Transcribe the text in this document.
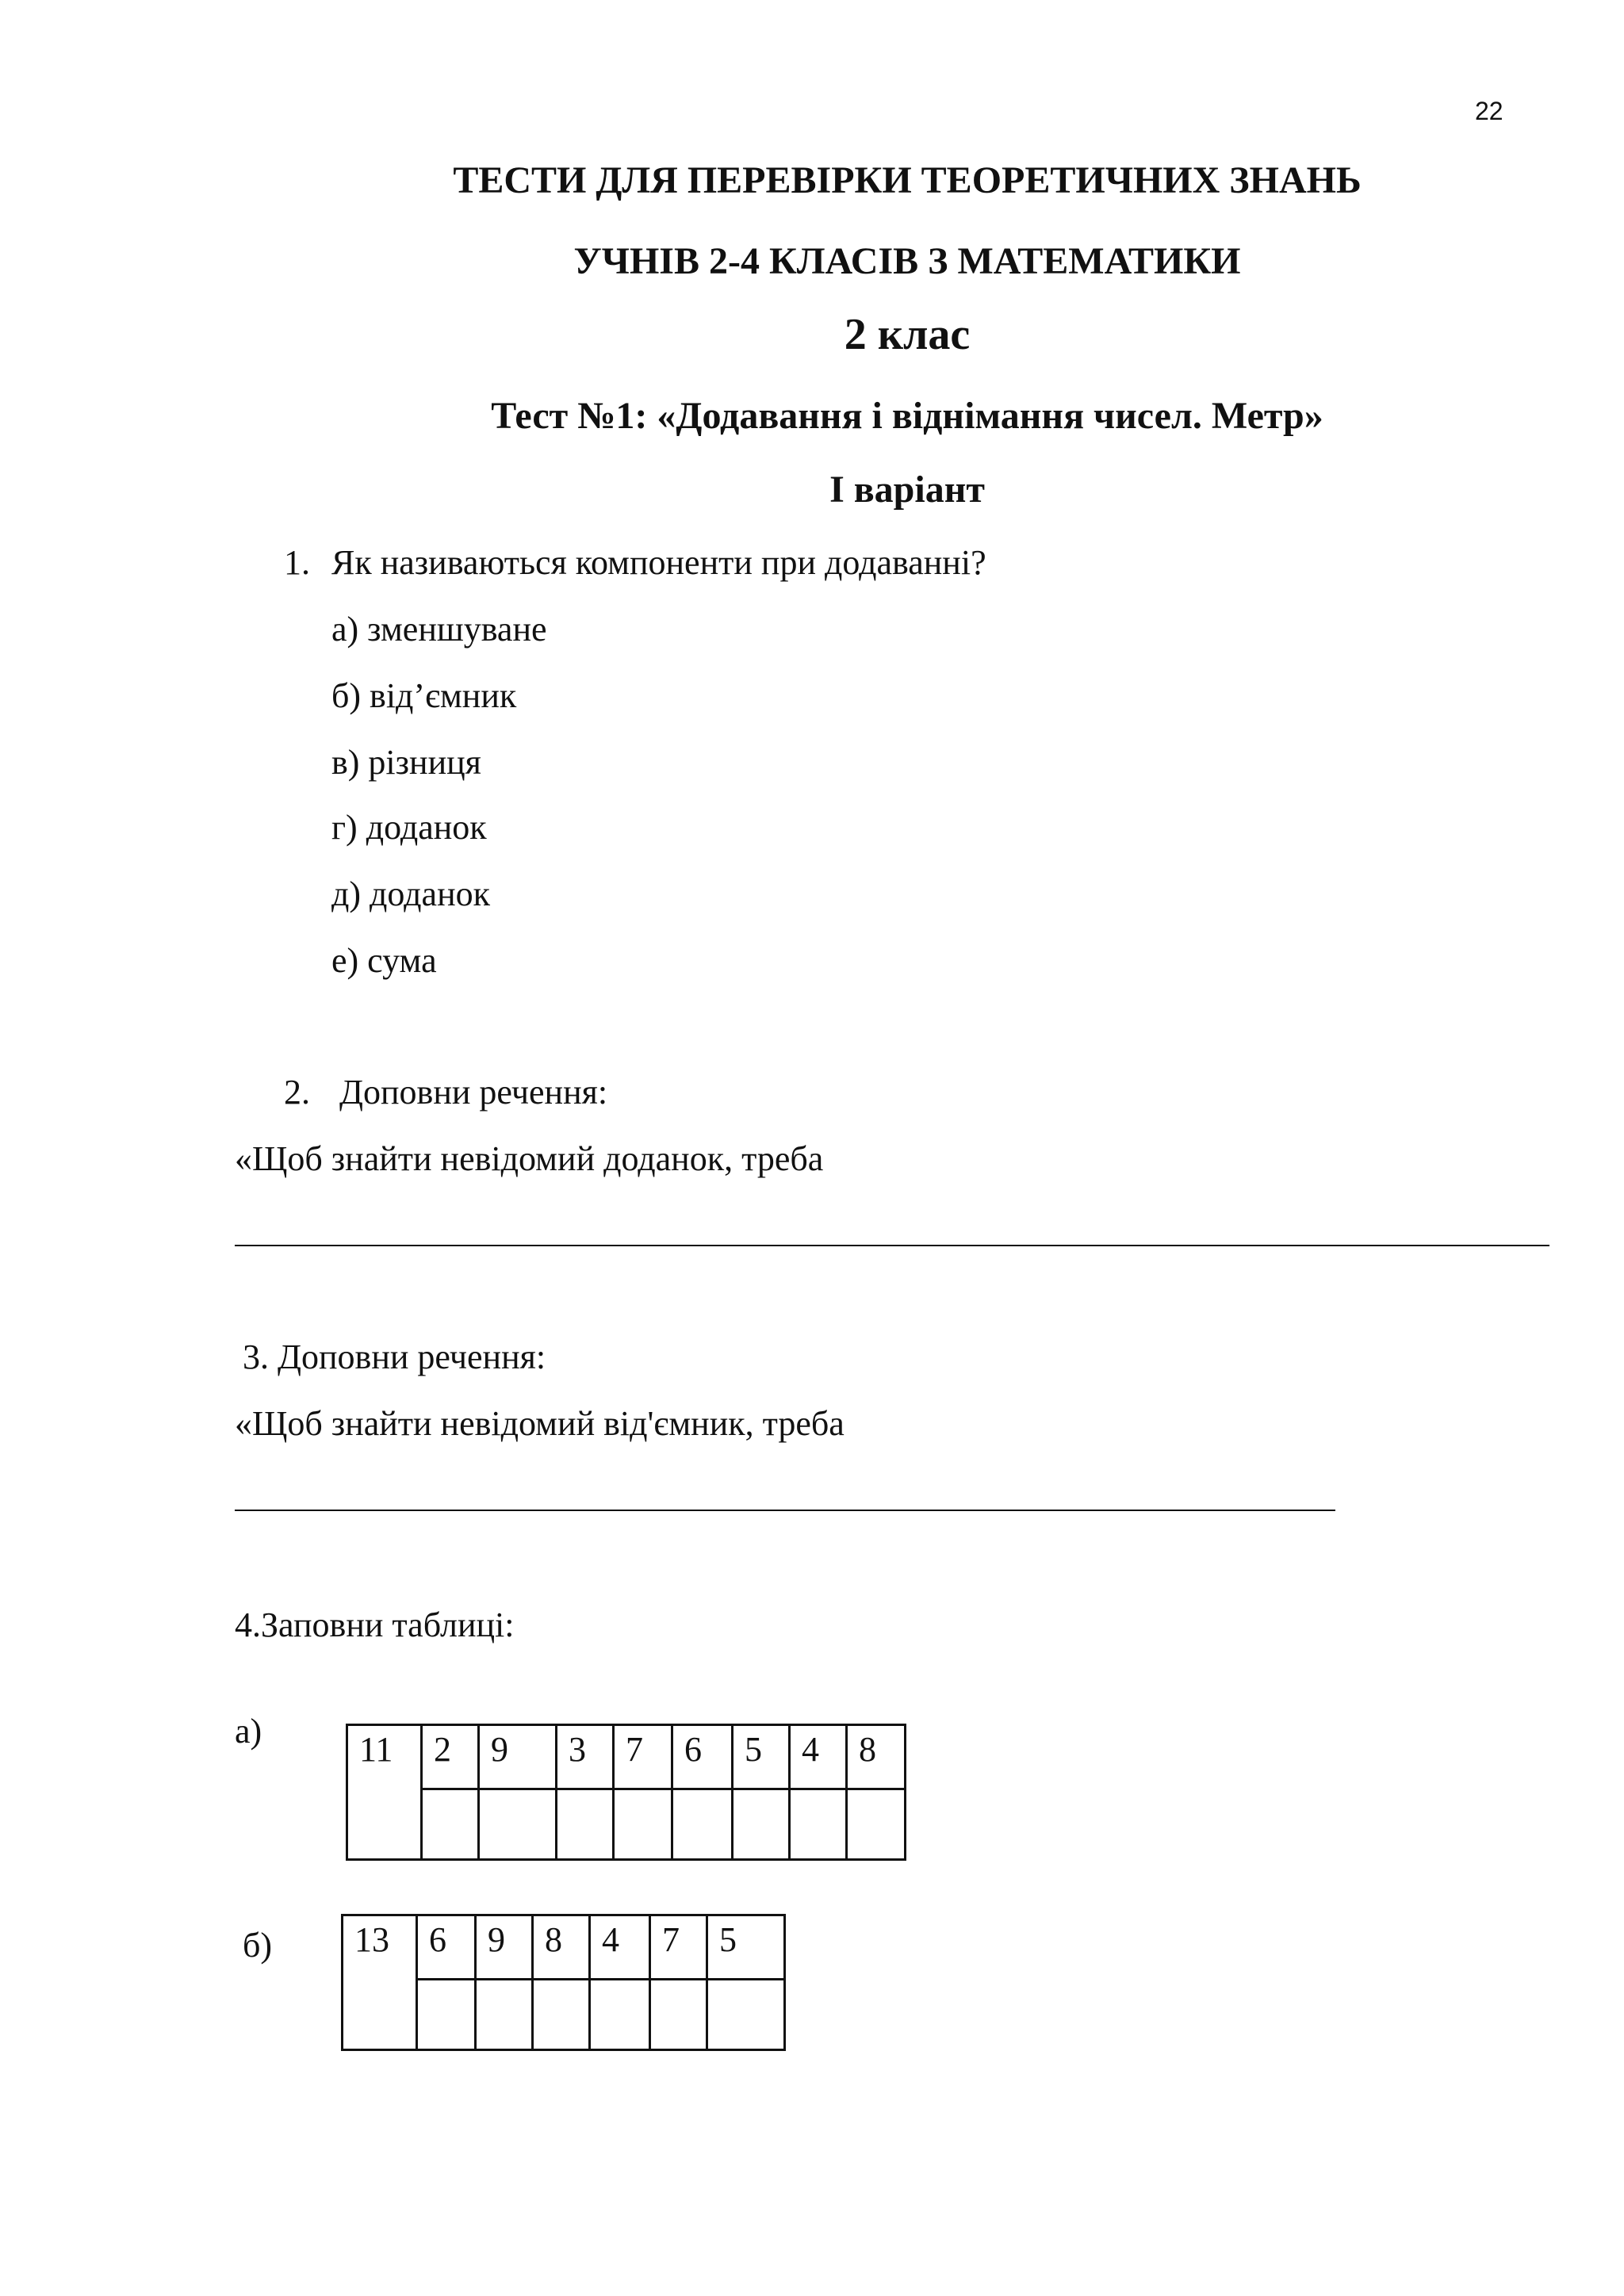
22
ТЕСТИ ДЛЯ ПЕРЕВІРКИ ТЕОРЕТИЧНИХ ЗНАНЬ
УЧНІВ 2-4 КЛАСІВ З МАТЕМАТИКИ
2 клас
Тест №1: «Додавання і віднімання чисел. Метр»
І варіант
1. Як називаються компоненти при додаванні?
а) зменшуване
б) від’ємник
в) різниця
г) доданок
д) доданок
е) сума
2. Доповни речення:
«Щоб знайти невідомий доданок, треба
3. Доповни речення:
«Щоб знайти невідомий від'ємник, треба
4.Заповни таблиці:
а)	11	2	9	3	7	6	5	4	8

б) 13	6	9	8	4	7	5
